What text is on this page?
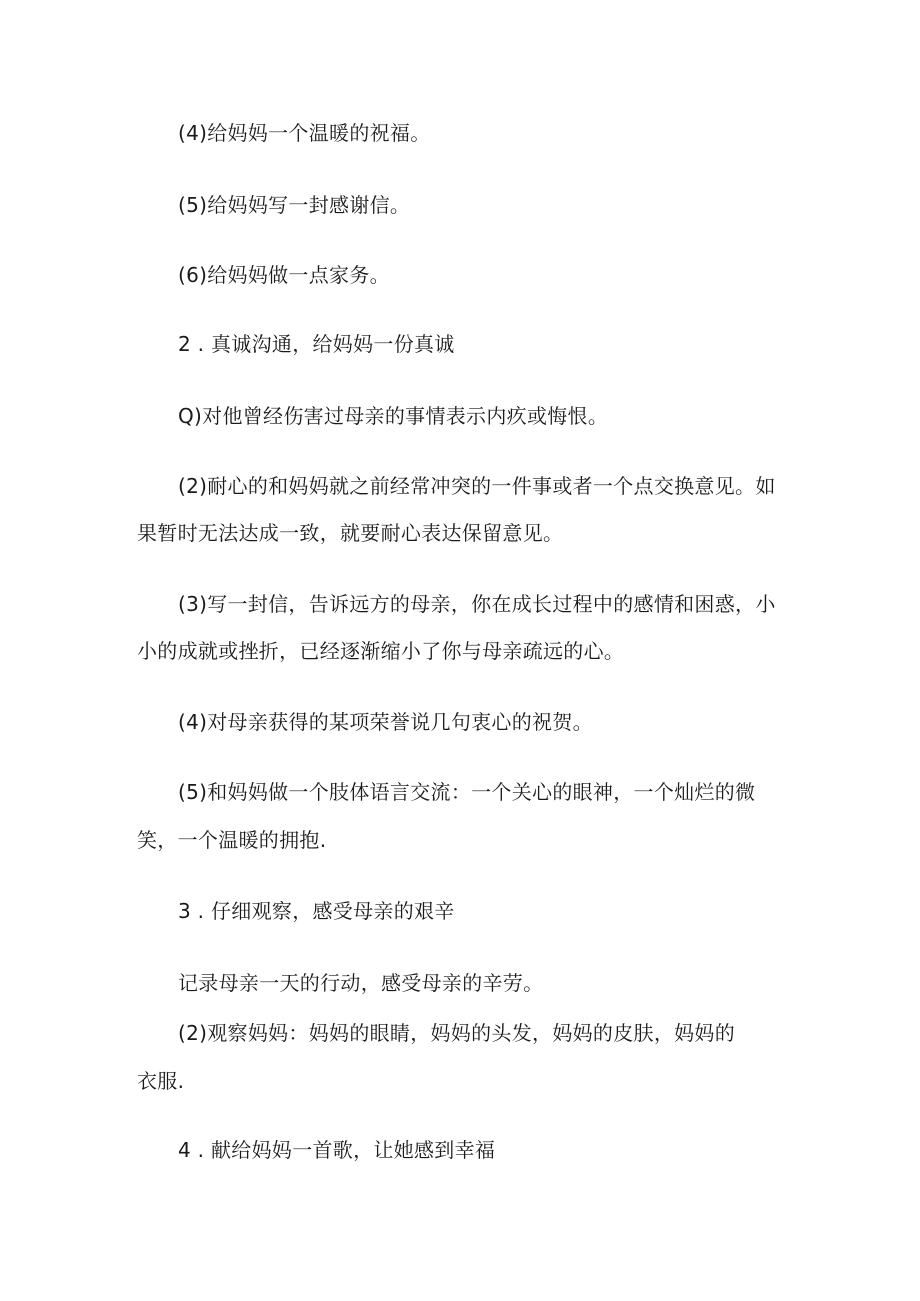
(4)给妈妈一个温暖的祝福。
(5)给妈妈写一封感谢信。
(6)给妈妈做一点家务。
2 . 真诚沟通，给妈妈一份真诚
Q)对他曾经伤害过母亲的事情表示内疚或悔恨。
(2)耐心的和妈妈就之前经常冲突的一件事或者一个点交换意见。如
果暂时无法达成一致，就要耐心表达保留意见。
(3)写一封信，告诉远方的母亲，你在成长过程中的感情和困惑，小
小的成就或挫折，已经逐渐缩小了你与母亲疏远的心。
(4)对母亲获得的某项荣誉说几句衷心的祝贺。
(5)和妈妈做一个肢体语言交流：一个关心的眼神，一个灿烂的微
笑，一个温暖的拥抱.
3 . 仔细观察，感受母亲的艰辛
记录母亲一天的行动，感受母亲的辛劳。
(2)观察妈妈：妈妈的眼睛，妈妈的头发，妈妈的皮肤，妈妈的
衣服.
4 . 献给妈妈一首歌，让她感到幸福
